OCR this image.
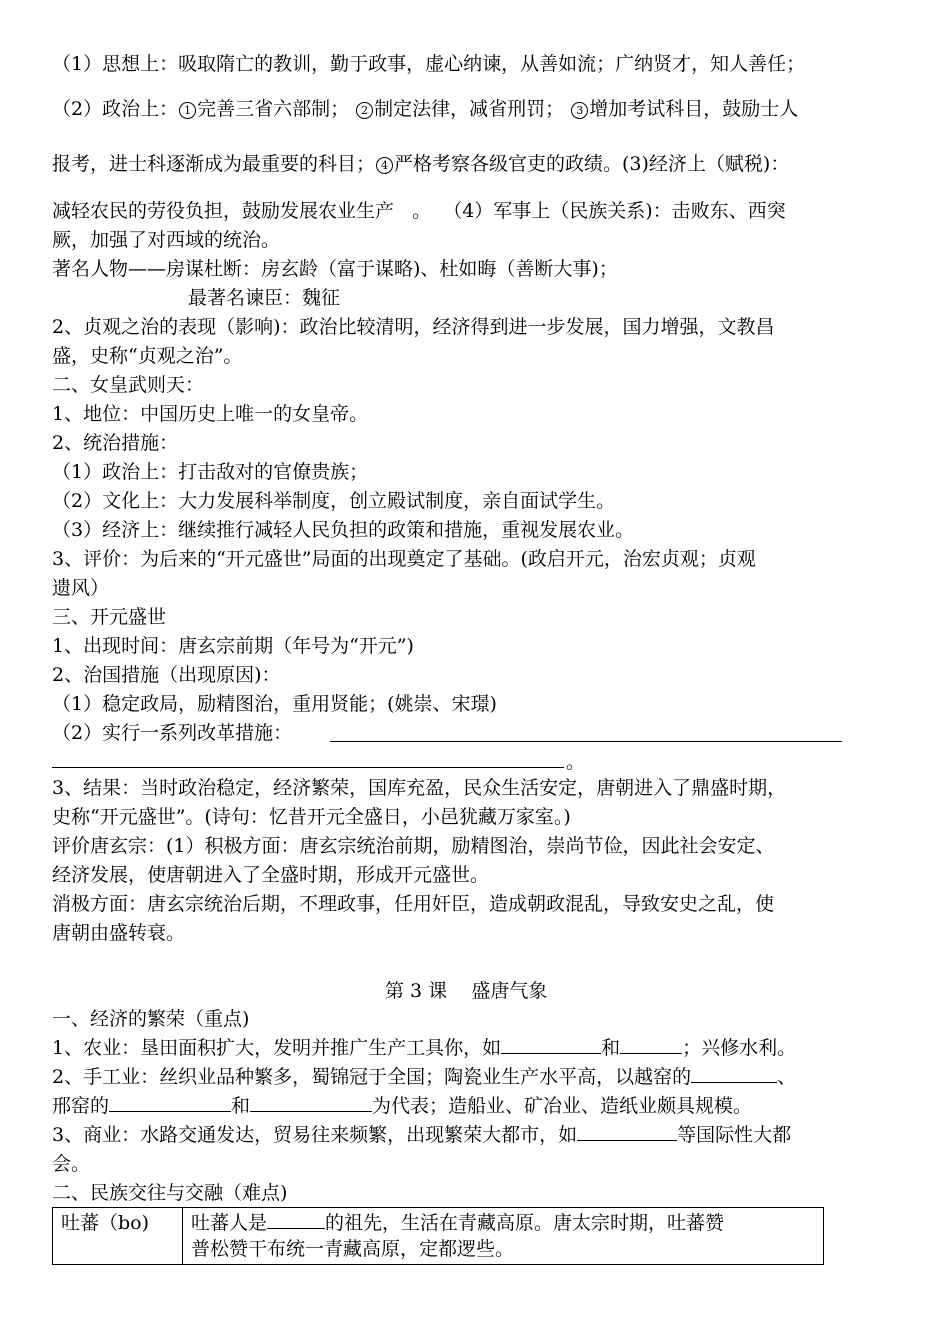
（1）思想上：吸取隋亡的教训，勤于政事，虚心纳谏，从善如流；广纳贤才，知人善任；
（2）政治上： 1 完善三省六部制； 2 制定法律，减省刑罚； 3 增加考试科目，鼓励士人
报考，进士科逐渐成为最重要的科目； 4 严格考察各级官吏的政绩。(3)经济上（赋税)：
减轻农民的劳役负担，鼓励发展农业生产   。  （4）军事上（民族关系)：击败东、西突
厥，加强了对西域的统治。
著名人物——房谋杜断：房玄龄（富于谋略)、杜如晦（善断大事)；
最著名谏臣：魏征
2、贞观之治的表现（影响)：政治比较清明，经济得到进一步发展，国力增强，文教昌
盛，史称“贞观之治”。
二、女皇武则天：
1、地位：中国历史上唯一的女皇帝。
2、统治措施：
（1）政治上：打击敌对的官僚贵族；
（2）文化上：大力发展科举制度，创立殿试制度，亲自面试学生。
（3）经济上：继续推行减轻人民负担的政策和措施，重视发展农业。
3、评价：为后来的“开元盛世”局面的出现奠定了基础。(政启开元，治宏贞观；贞观
遗风）
三、开元盛世
1、出现时间：唐玄宗前期（年号为“开元”)
2、治国措施（出现原因)：
（1）稳定政局，励精图治，重用贤能；(姚崇、宋璟)
（2）实行一系列改革措施：
。
3、结果：当时政治稳定，经济繁荣，国库充盈，民众生活安定，唐朝进入了鼎盛时期，
史称“开元盛世”。(诗句：忆昔开元全盛日，小邑犹藏万家室。)
评价唐玄宗：(1）积极方面：唐玄宗统治前期，励精图治，崇尚节俭，因此社会安定、
经济发展，使唐朝进入了全盛时期，形成开元盛世。
消极方面：唐玄宗统治后期，不理政事，任用奸臣，造成朝政混乱，导致安史之乱，使
唐朝由盛转衰。
第 3 课    盛唐气象
一、经济的繁荣（重点)
1、农业：垦田面积扩大，发明并推广生产工具你，如	和	；兴修水利。
2、手工业：丝织业品种繁多，蜀锦冠于全国；陶瓷业生产水平高，以越窑的	、
邢窑的	和	为代表；造船业、矿冶业、造纸业颇具规模。
3、商业：水路交通发达，贸易往来频繁，出现繁荣大都市，如	等国际性大都
会。
二、民族交往与交融（难点)
吐蕃（bo)	吐蕃人是	的祖先，生活在青藏高原。唐太宗时期，吐蕃赞
普松赞干布统一青藏高原，定都逻些。
